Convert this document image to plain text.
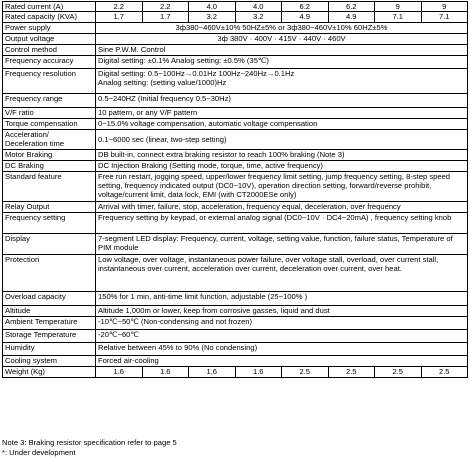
Rated current (A)	2.2	2.2	4.0	4.0	6.2	6.2	9	9
Rated capacity (KVA)	1.7	1.7	3.2	3.2	4.9	4.9	7.1	7.1
Power supply	3ф380~460V±10% 50HZ±5% or 3ф380~460V±10% 60HZ±5%							
Output voltage	3ф 380V · 400V · 415V · 440V · 460V							
Control method	Sine P.W.M. Control							
Frequency accuracy	Digital setting: ±0.1% Analog setting: ±0.5% (35℃)							
Frequency resolution	Digital setting: 0.5~100Hz→0.01Hz 100Hz~240Hz→0.1Hz
Analog setting: (setting value/1000)Hz							

Frequency range	0.5~240HZ (Initial frequency 0.5~30Hz)							
V/F ratio	10 pattern, or any V/F pattern							
Torque compensation	0~15.0% voltage compensation, automatic voltage compensation							
Acceleration/ Deceleration time	0.1~6000 sec (linear, two-step setting)							
Motor Braking	DB built-in, connect extra braking resistor to reach 100% braking (Note 3)							
DC Braking	DC Injection Braking (Setting mode, torque, time, active frequency)							
Standard feature	Free run restart, jogging speed, upper/lower frequency limit setting, jump frequency setting, 8-step speed setting, frequency indicated output (DC0~10V), operation direction setting, forward/reverse prohibit, voltage/current limit, data lock, EMI (with CT2000ESe only)							
Relay Output	Arrival with timer, failure, stop, acceleration, frequency equal, deceleration, over frequency							
Frequency setting	Frequency setting by keypad, or external analog signal (DC0~10V · DC4~20mA) , frequency setting knob							
Display	7-segment LED display: Frequency, current, voltage, setting value, function, failure status, Temperature of PIM module							
Protection	Low voltage, over voltage, instantaneous power failure, over voltage stall, overload, over current stall, instantaneous over current, acceleration over current, deceleration over current, over heat.							
Overload capacity	150% for 1 min, anti-time limit function, adjustable (25~100% )							
Altitude	Altitude 1,000m or lower, keep from corrosive gasses, liquid and dust							
Ambient Temperature	-10℃~50℃ (Non-condensing and not frozen)							
Storage Temperature	-20℃~60℃							
Humidity	Relative between 45% to 90% (No condensing)							
Cooling system	Forced air-cooling							
Weight (Kg)	1.6	1.6	1.6	1.6	2.5	2.5	2.5	2.5
Note 3: Braking resistor specification refer to page 5
*: Under development
